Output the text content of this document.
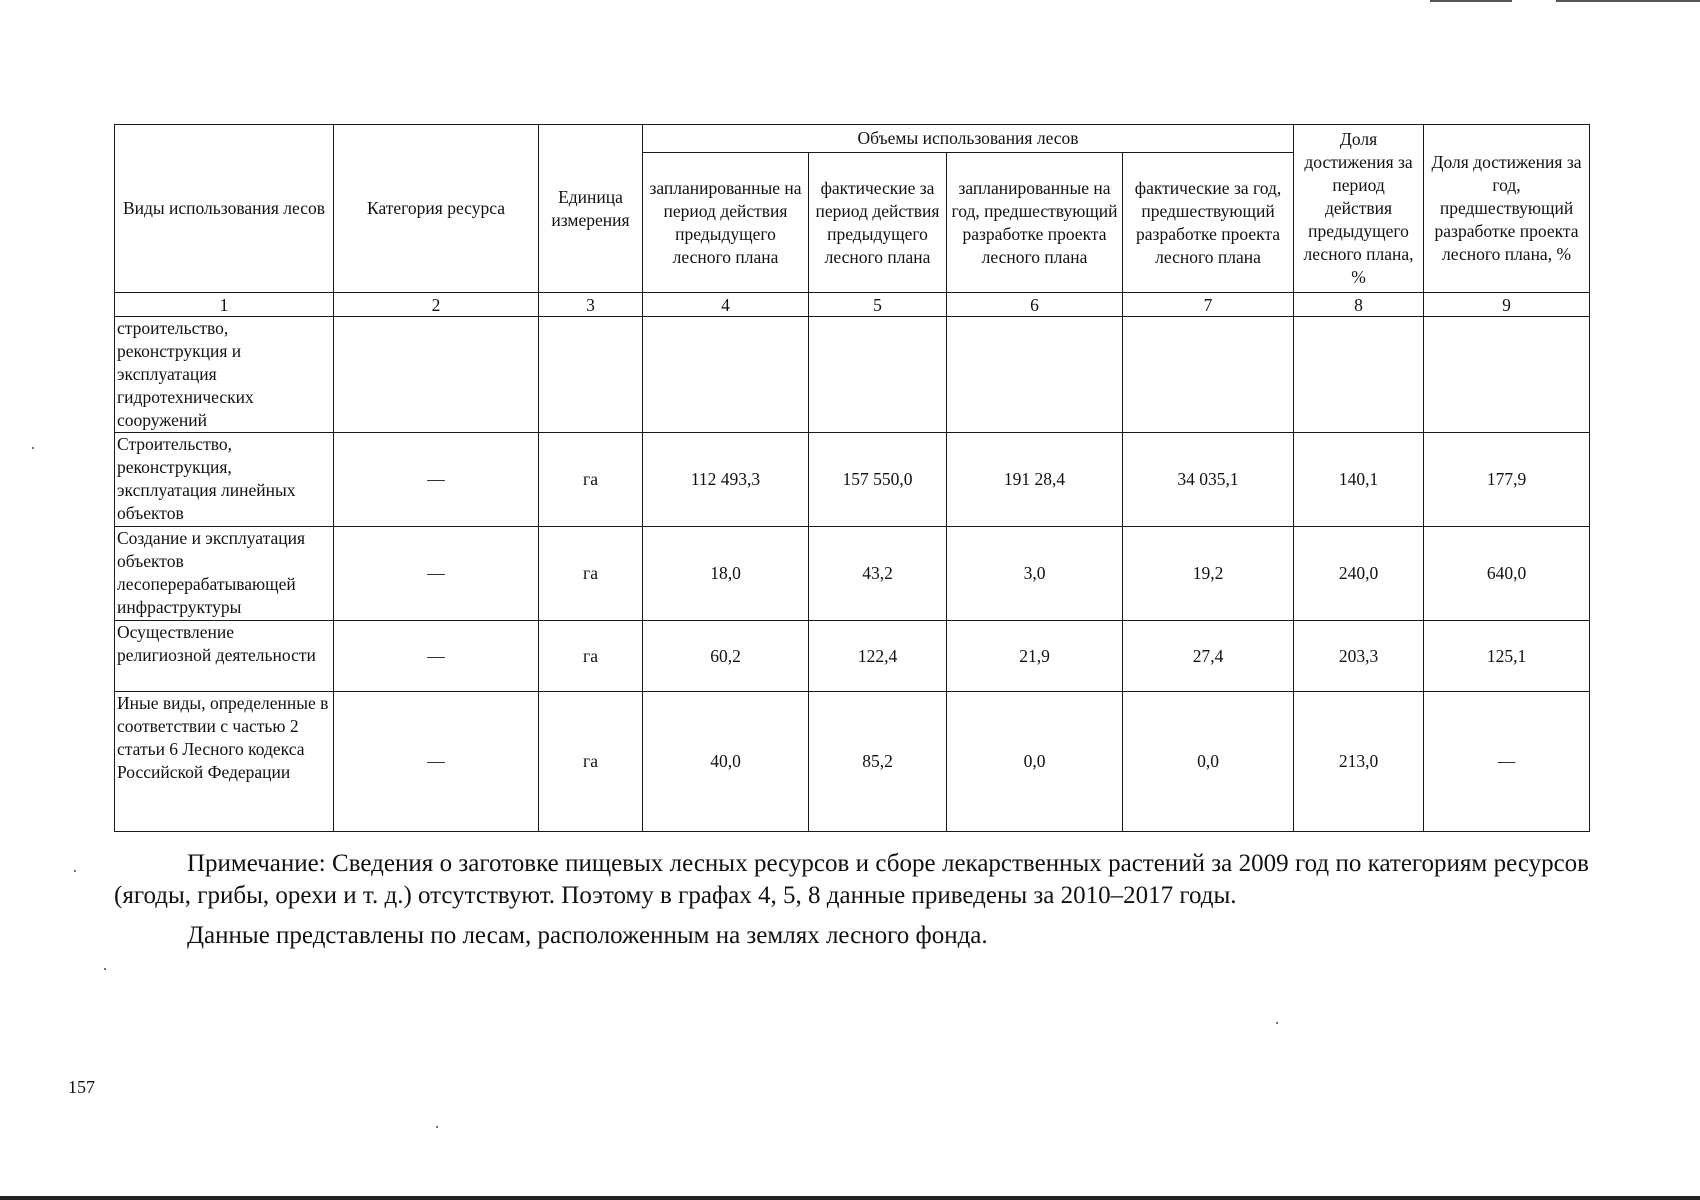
Виды использования лесов	Категория ресурса	Единица измерения	Объемы использования лесов				Доля достижения за период действия предыдущего лесного плана, %	Доля достижения за год, предшествующий разработке проекта лесного плана, %
			запланированные на период действия предыдущего лесного плана	фактические за период действия предыдущего лесного плана	запланированные на год, предшествующий разработке проекта лесного плана	фактические за год, предшествующий разработке проекта лесного плана		
1	2	3	4	5	6	7	8	9
строительство, реконструкция и эксплуатация гидротехнических сооружений								
Строительство, реконструкция, эксплуатация линейных объектов	—	га	112 493,3	157 550,0	191 28,4	34 035,1	140,1	177,9
Создание и эксплуатация объектов лесоперерабатывающей инфраструктуры	—	га	18,0	43,2	3,0	19,2	240,0	640,0
Осуществление религиозной деятельности	—	га	60,2	122,4	21,9	27,4	203,3	125,1
Иные виды, определенные в соответствии с частью 2 статьи 6 Лесного кодекса Российской Федерации	—	га	40,0	85,2	0,0	0,0	213,0	—

Примечание: Сведения о заготовке пищевых лесных ресурсов и сборе лекарственных растений за 2009 год по категориям ресурсов (ягоды, грибы, орехи и т. д.) отсутствуют. Поэтому в графах 4, 5, 8 данные приведены за 2010–2017 годы.

Данные представлены по лесам, расположенным на землях лесного фонда.

157
